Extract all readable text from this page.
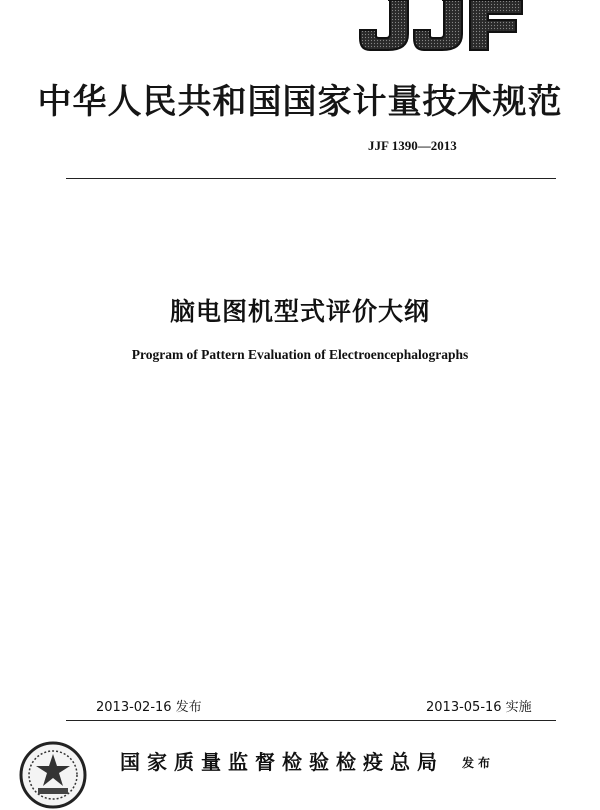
中华人民共和国国家计量技术规范
JJF 1390—2013
脑电图机型式评价大纲
Program of Pattern Evaluation of Electroencephalographs
2013-02-16 发布	2013-05-16 实施
国家质量监督检验检疫总局 发布
